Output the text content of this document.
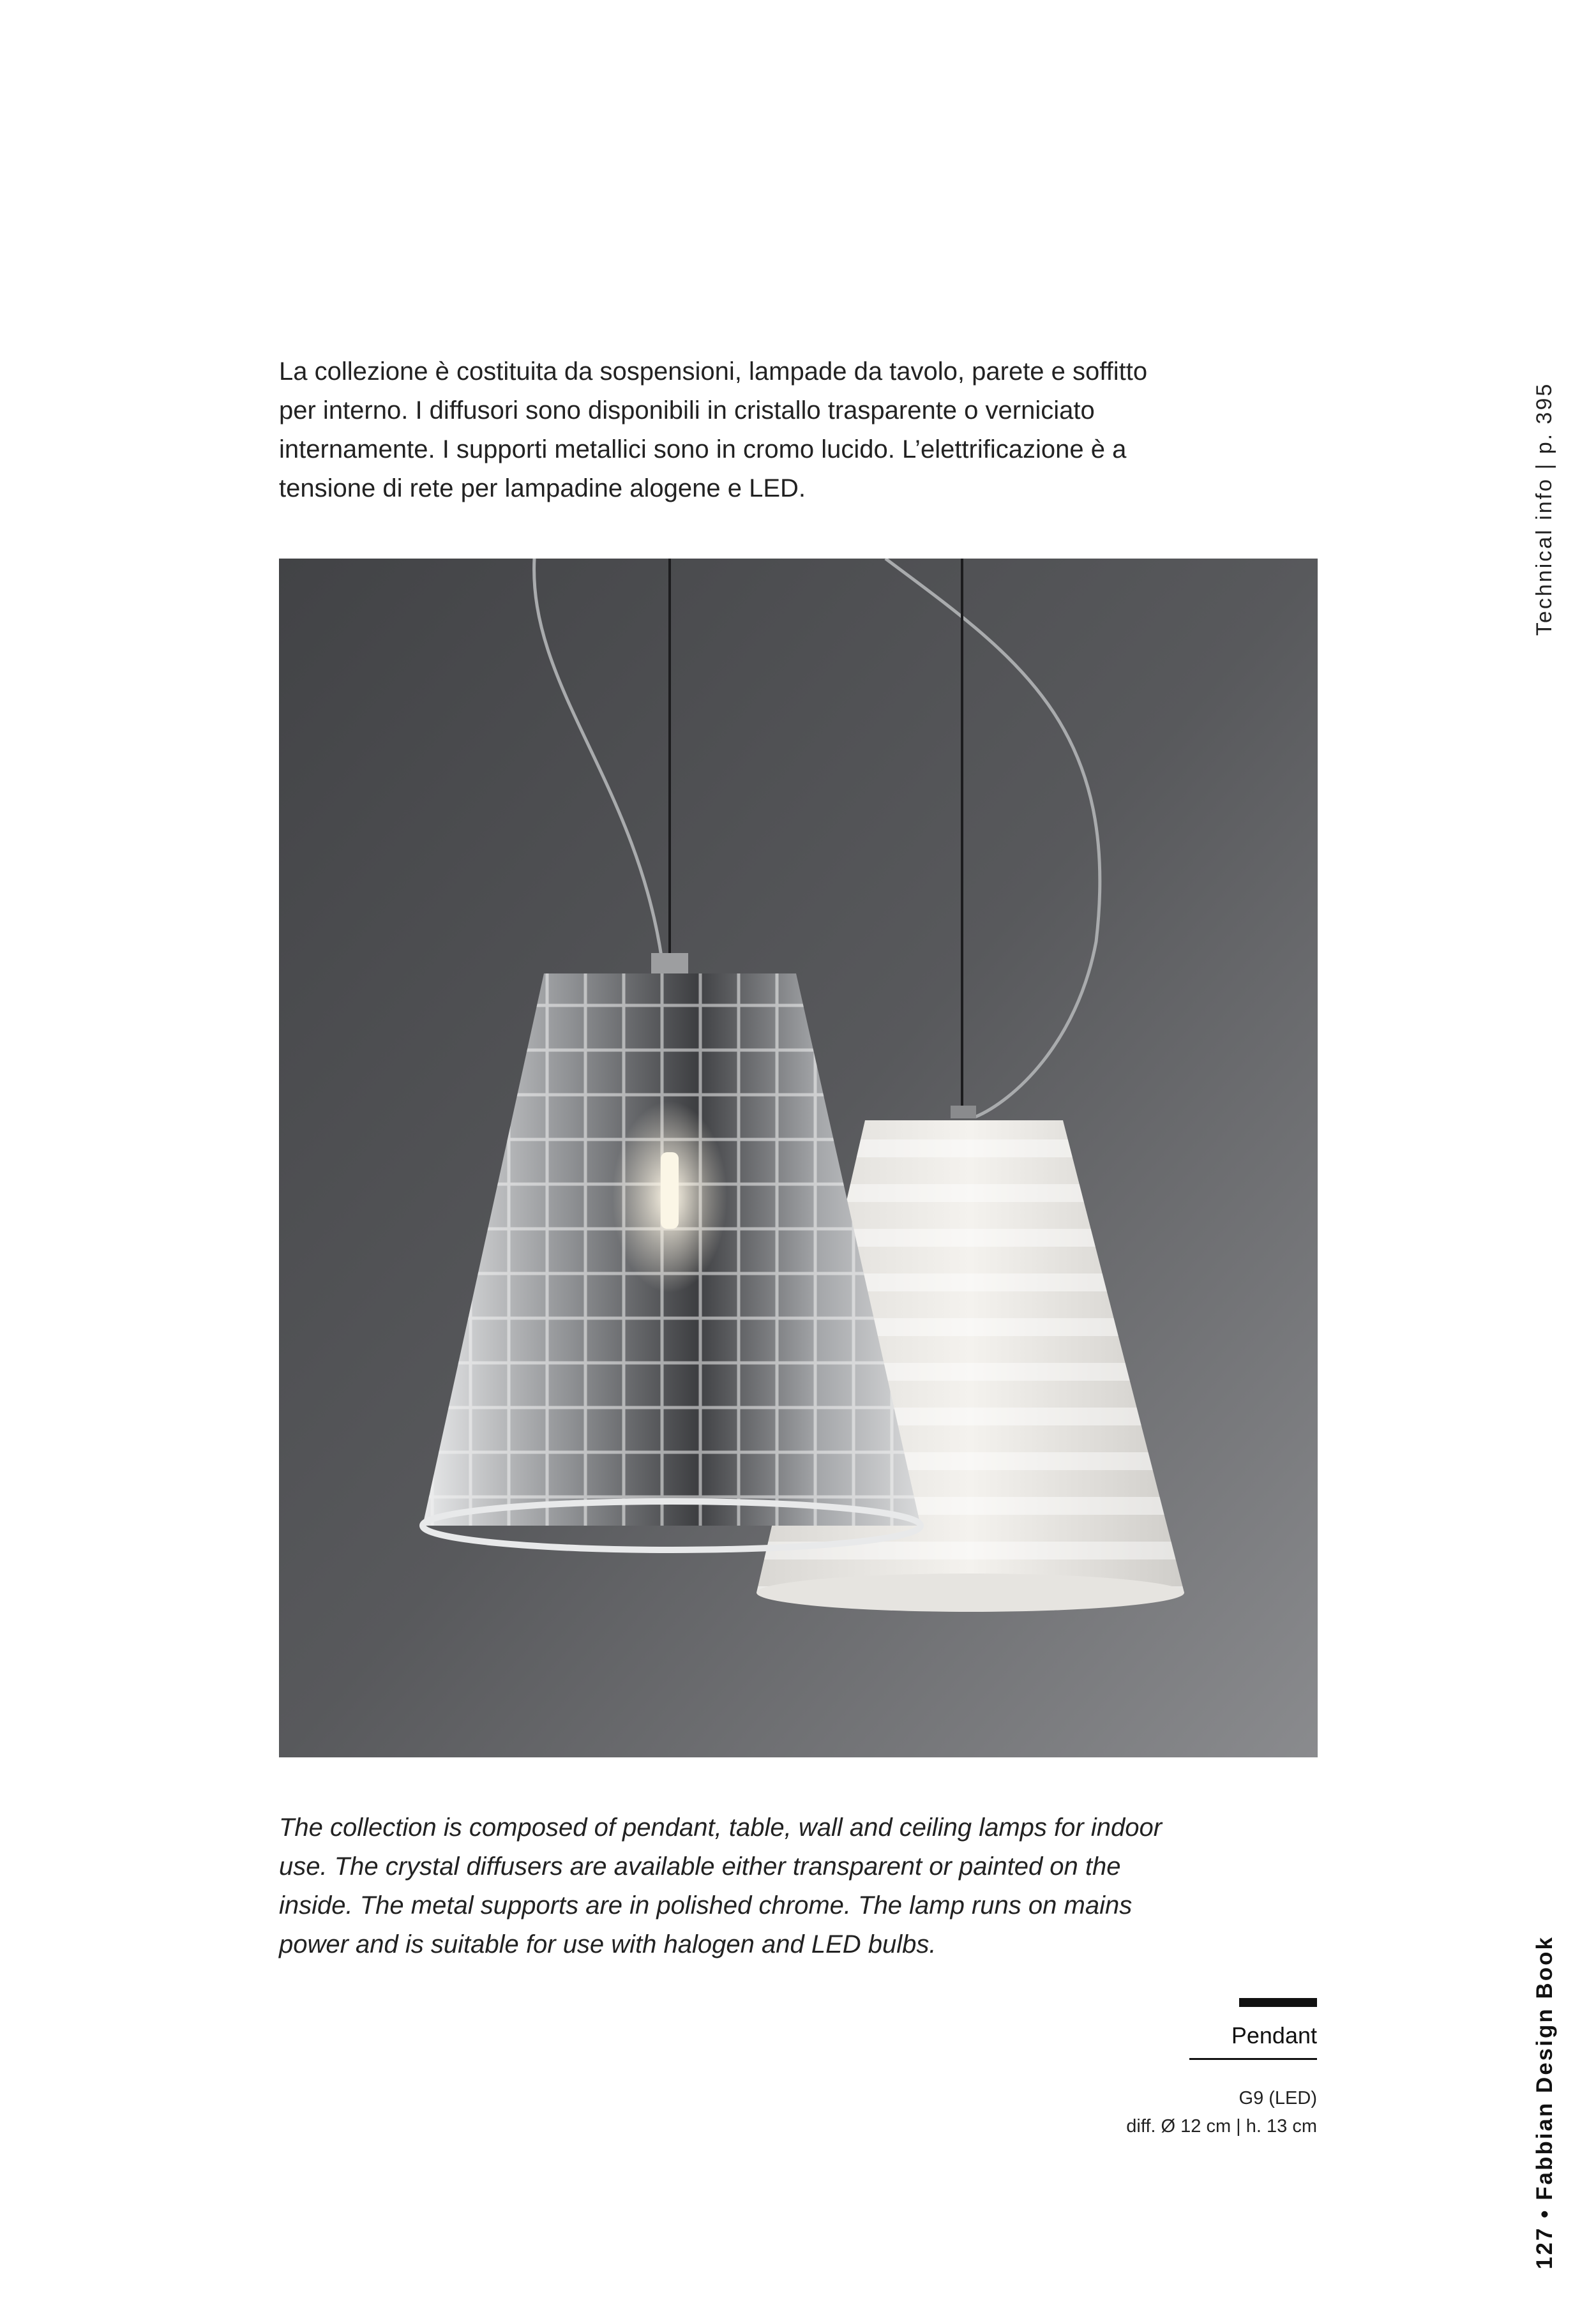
La collezione è costituita da sospensioni, lampade da tavolo, parete e soffitto per interno. I diffusori sono disponibili in cristallo trasparente o verniciato internamente. I supporti metallici sono in cromo lucido. L’elettrificazione è a tensione di rete per lampadine alogene e LED.

The collection is composed of pendant, table, wall and ceiling lamps for indoor use. The crystal diffusers are available either transparent or painted on the inside. The metal supports are in polished chrome. The lamp runs on mains power and is suitable for use with halogen and LED bulbs.

Technical info | p. 395
127 • Fabbian Design Book
Pendant
G9 (LED)
diff. Ø 12 cm | h. 13 cm
